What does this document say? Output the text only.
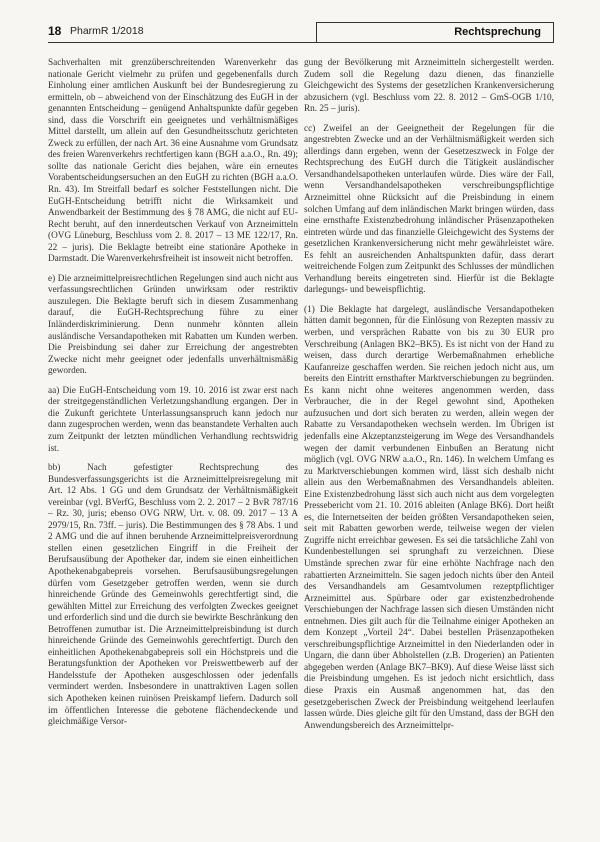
18 PharmR 1/2018	Rechtsprechung

Sachverhalten mit grenzüberschreitenden Warenverkehr das nationale Gericht vielmehr zu prüfen und gegebenenfalls durch Einholung einer amtlichen Auskunft bei der Bundesregierung zu ermitteln, ob – abweichend von der Einschätzung des EuGH in der genannten Entscheidung – genügend Anhaltspunkte dafür gegeben sind, dass die Vorschrift ein geeignetes und verhältnismäßiges Mittel darstellt, um allein auf den Gesundheitsschutz gerichteten Zweck zu erfüllen, der nach Art. 36 eine Ausnahme vom Grundsatz des freien Warenverkehrs rechtfertigen kann (BGH a.a.O., Rn. 49); sollte das nationale Gericht dies bejahen, wäre ein erneutes Vorabentscheidungsersuchen an den EuGH zu richten (BGH a.a.O. Rn. 43). Im Streitfall bedarf es solcher Feststellungen nicht. Die EuGH-Entscheidung betrifft nicht die Wirksamkeit und Anwendbarkeit der Bestimmung des § 78 AMG, die nicht auf EU-Recht beruht, auf den innerdeutschen Verkauf von Arzneimitteln (OVG Lüneburg, Beschluss vom 2. 8. 2017 – 13 ME 122/17, Rn. 22 – juris). Die Beklagte betreibt eine stationäre Apotheke in Darmstadt. Die Warenverkehrsfreiheit ist insoweit nicht betroffen.

e) Die arzneimittelpreisrechtlichen Regelungen sind auch nicht aus verfassungsrechtlichen Gründen unwirksam oder restriktiv auszulegen. Die Beklagte beruft sich in diesem Zusammenhang darauf, die EuGH-Rechtsprechung führe zu einer Inländerdiskriminierung. Denn nunmehr könnten allein ausländische Versandapotheken mit Rabatten um Kunden werben. Die Preisbindung sei daher zur Erreichung der angestrebten Zwecke nicht mehr geeignet oder jedenfalls unverhältnismäßig geworden.

aa) Die EuGH-Entscheidung vom 19. 10. 2016 ist zwar erst nach der streitgegenständlichen Verletzungshandlung ergangen. Der in die Zukunft gerichtete Unterlassungsanspruch kann jedoch nur dann zugesprochen werden, wenn das beanstandete Verhalten auch zum Zeitpunkt der letzten mündlichen Verhandlung rechtswidrig ist.

bb) Nach gefestigter Rechtsprechung des Bundesverfassungsgerichts ist die Arzneimittelpreisregelung mit Art. 12 Abs. 1 GG und dem Grundsatz der Verhältnismäßigkeit vereinbar (vgl. BVerfG, Beschluss vom 2. 2. 2017 – 2 BvR 787/16 – Rz. 30, juris; ebenso OVG NRW, Urt. v. 08. 09. 2017 – 13 A 2979/15, Rn. 73ff. – juris). Die Bestimmungen des § 78 Abs. 1 und 2 AMG und die auf ihnen beruhende Arzneimittelpreisverordnung stellen einen gesetzlichen Eingriff in die Freiheit der Berufsausübung der Apotheker dar, indem sie einen einheitlichen Apothekenabgabepreis vorsehen. Berufsausübungsregelungen dürfen vom Gesetzgeber getroffen werden, wenn sie durch hinreichende Gründe des Gemeinwohls gerechtfertigt sind, die gewählten Mittel zur Erreichung des verfolgten Zweckes geeignet und erforderlich sind und die durch sie bewirkte Beschränkung den Betroffenen zumutbar ist. Die Arzneimittelpreisbindung ist durch hinreichende Gründe des Gemeinwohls gerechtfertigt. Durch den einheitlichen Apothekenabgabepreis soll ein Höchstpreis und die Beratungsfunktion der Apotheken vor Preiswettbewerb auf der Handelsstufe der Apotheken ausgeschlossen oder jedenfalls vermindert werden. Insbesondere in unattraktiven Lagen sollen sich Apotheken keinen ruinösen Preiskampf liefern. Dadurch soll im öffentlichen Interesse die gebotene flächendeckende und gleichmäßige Versor-

gung der Bevölkerung mit Arzneimitteln sichergestellt werden. Zudem soll die Regelung dazu dienen, das finanzielle Gleichgewicht des Systems der gesetzlichen Krankenversicherung abzusichern (vgl. Beschluss vom 22. 8. 2012 – GmS-OGB 1/10, Rn. 25 – juris).

cc) Zweifel an der Geeignetheit der Regelungen für die angestrebten Zwecke und an der Verhältnismäßigkeit werden sich allerdings dann ergeben, wenn der Gesetzeszweck in Folge der Rechtsprechung des EuGH durch die Tätigkeit ausländischer Versandhandelsapotheken unterlaufen würde. Dies wäre der Fall, wenn Versandhandelsapotheken verschreibungspflichtige Arzneimittel ohne Rücksicht auf die Preisbindung in einem solchen Umfang auf dem inländischen Markt bringen würden, dass eine ernsthafte Existenzbedrohung inländischer Präsenzapotheken eintreten würde und das finanzielle Gleichgewicht des Systems der gesetzlichen Krankenversicherung nicht mehr gewährleistet wäre. Es fehlt an ausreichenden Anhaltspunkten dafür, dass derart weitreichende Folgen zum Zeitpunkt des Schlusses der mündlichen Verhandlung bereits eingetreten sind. Hierfür ist die Beklagte darlegungs- und beweispflichtig.

(1) Die Beklagte hat dargelegt, ausländische Versandapotheken hätten damit begonnen, für die Einlösung von Rezepten massiv zu werben, und versprächen Rabatte von bis zu 30 EUR pro Verschreibung (Anlagen BK2–BK5). Es ist nicht von der Hand zu weisen, dass durch derartige Werbemaßnahmen erhebliche Kaufanreize geschaffen werden. Sie reichen jedoch nicht aus, um bereits den Eintritt ernsthafter Marktverschiebungen zu begründen. Es kann nicht ohne weiteres angenommen werden, dass Verbraucher, die in der Regel gewohnt sind, Apotheken aufzusuchen und dort sich beraten zu werden, allein wegen der Rabatte zu Versandapotheken wechseln werden. Im Übrigen ist jedenfalls eine Akzeptanzsteigerung im Wege des Versandhandels wegen der damit verbundenen Einbußen an Beratung nicht möglich (vgl. OVG NRW a.a.O., Rn. 146). In welchem Umfang es zu Marktverschiebungen kommen wird, lässt sich deshalb nicht allein aus den Werbemaßnahmen des Versandhandels ableiten. Eine Existenzbedrohung lässt sich auch nicht aus dem vorgelegten Pressebericht vom 21. 10. 2016 ableiten (Anlage BK6). Dort heißt es, die Internetseiten der beiden größten Versandapotheken seien, seit mit Rabatten geworben werde, teilweise wegen der vielen Zugriffe nicht erreichbar gewesen. Es sei die tatsächliche Zahl von Kundenbestellungen sei sprunghaft zu verzeichnen. Diese Umstände sprechen zwar für eine erhöhte Nachfrage nach den rabattierten Arzneimitteln. Sie sagen jedoch nichts über den Anteil des Versandhandels am Gesamtvolumen rezeptpflichtiger Arzneimittel aus. Spürbare oder gar existenzbedrohende Verschiebungen der Nachfrage lassen sich diesen Umständen nicht entnehmen. Dies gilt auch für die Teilnahme einiger Apotheken an dem Konzept „Vorteil 24“. Dabei bestellen Präsenzapotheken verschreibungspflichtige Arzneimittel in den Niederlanden oder in Ungarn, die dann über Abholstellen (z.B. Drogerien) an Patienten abgegeben werden (Anlage BK7–BK9). Auf diese Weise lässt sich die Preisbindung umgehen. Es ist jedoch nicht ersichtlich, dass diese Praxis ein Ausmaß angenommen hat, das den gesetzgeberischen Zweck der Preisbindung weitgehend leerlaufen lassen würde. Dies gleiche gilt für den Umstand, dass der BGH den Anwendungsbereich des Arzneimittelpr-
